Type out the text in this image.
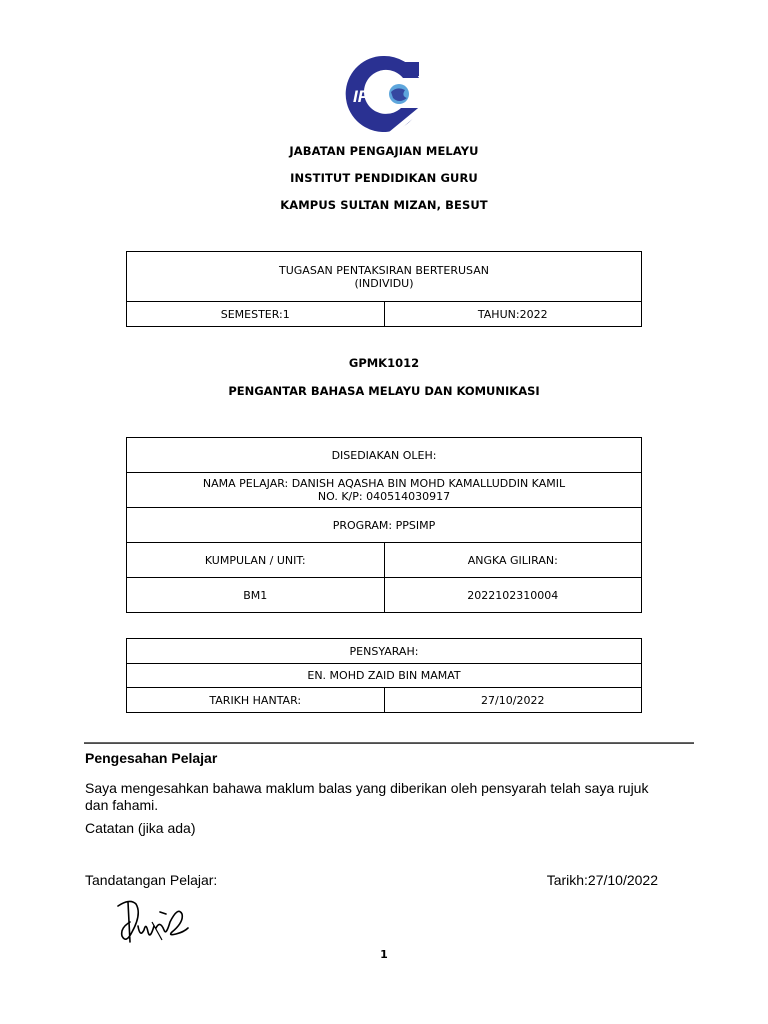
IPG
JABATAN PENGAJIAN MELAYU
INSTITUT PENDIDIKAN GURU
KAMPUS SULTAN MIZAN, BESUT
TUGASAN PENTAKSIRAN BERTERUSAN
(INDIVIDU)

SEMESTER:1	TAHUN:2022
GPMK1012
PENGANTAR BAHASA MELAYU DAN KOMUNIKASI
DISEDIAKAN OLEH:	

NAMA PELAJAR: DANISH AQASHA BIN MOHD KAMALLUDDIN KAMIL
NO. K/P: 040514030917	

PROGRAM: PPSIMP	
KUMPULAN / UNIT:	ANGKA GILIRAN:
BM1	2022102310004
PENSYARAH:
EN. MOHD ZAID BIN MAMAT
TARIKH HANTAR:	27/10/2022
Pengesahan Pelajar
Saya mengesahkan bahawa maklum balas yang diberikan oleh pensyarah telah saya rujuk dan fahami.
Catatan (jika ada)
Tandatangan Pelajar:	Tarikh:27/10/2022
1
